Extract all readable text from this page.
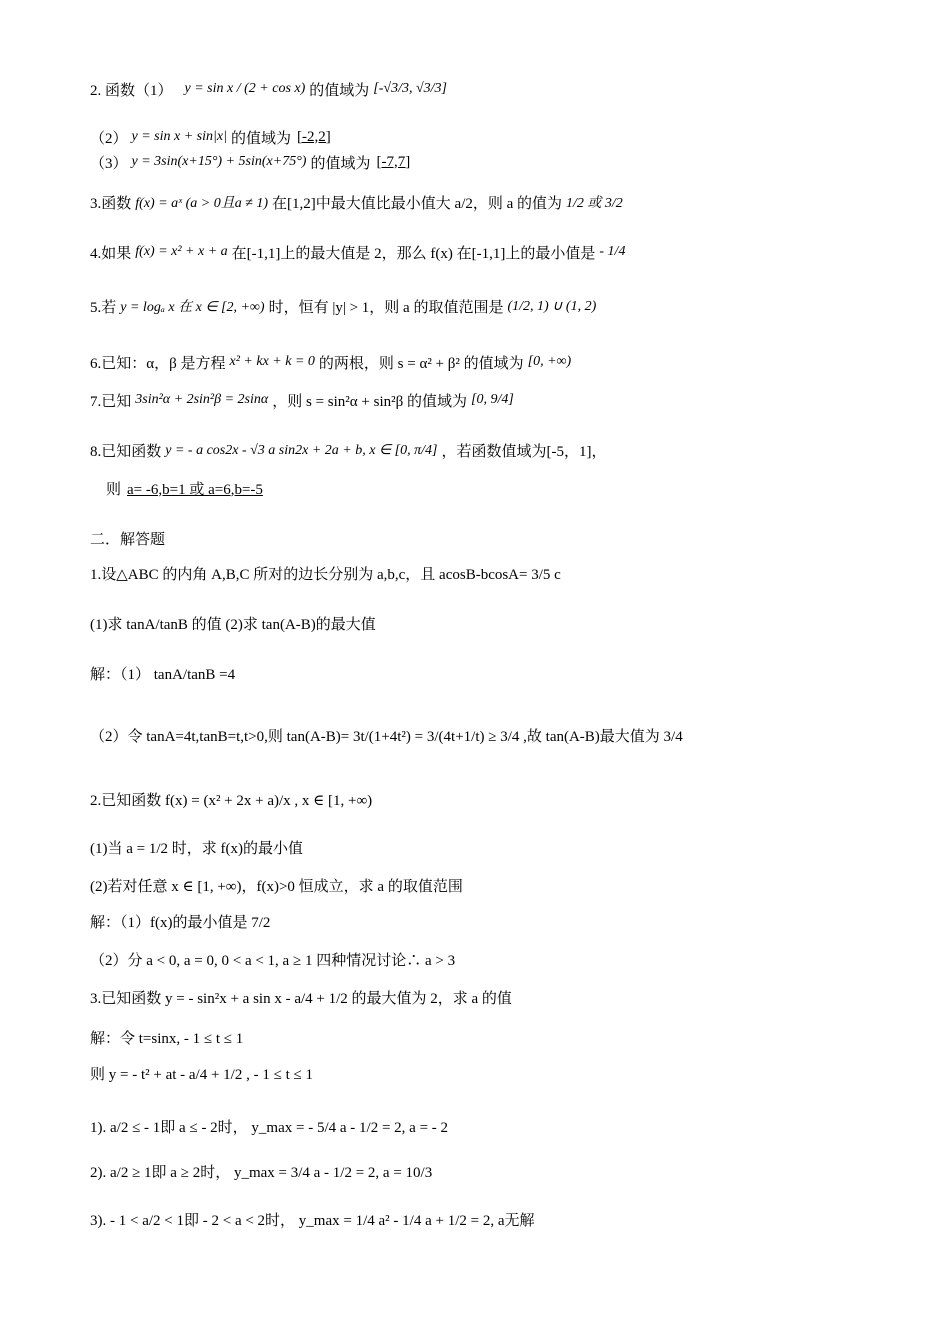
2. 函数（1） y = sin x / (2 + cos x) 的值域为 [-√3/3, √3/3]
（2） y = sin x + sin|x| 的值域为 [-2,2]
（3） y = 3sin(x+15°) + 5sin(x+75°) 的值域为 [-7,7]
3.函数 f(x) = aˣ (a > 0且a ≠ 1) 在[1,2]中最大值比最小值大 a/2，则 a 的值为 1/2 或 3/2
4.如果 f(x) = x² + x + a 在[-1,1]上的最大值是 2，那么 f(x) 在[-1,1]上的最小值是 - 1/4
5.若 y = logₐ x 在 x ∈ [2, +∞) 时，恒有 |y| > 1，则 a 的取值范围是 (1/2, 1) ∪ (1, 2)
6.已知：α，β 是方程 x² + kx + k = 0 的两根，则 s = α² + β² 的值域为 [0, +∞)
7.已知 3sin²α + 2sin²β = 2sinα ，则 s = sin²α + sin²β 的值域为 [0, 9/4]
8.已知函数 y = - a cos2x - √3 a sin2x + 2a + b, x ∈ [0, π/4] ，若函数值域为[-5，1]，
则 a= -6,b=1 或 a=6,b=-5
二．解答题
1.设△ABC 的内角 A,B,C 所对的边长分别为 a,b,c，且 acosB-bcosA= 3/5 c
(1)求 tanA/tanB 的值 (2)求 tan(A-B)的最大值
解：（1） tanA/tanB =4
（2）令 tanA=4t,tanB=t,t>0,则 tan(A-B)= 3t/(1+4t²) = 3/(4t+1/t) ≥ 3/4 ,故 tan(A-B)最大值为 3/4
2.已知函数 f(x) = (x² + 2x + a)/x , x ∈ [1, +∞)
(1)当 a = 1/2 时，求 f(x)的最小值
(2)若对任意 x ∈ [1, +∞)，f(x)>0 恒成立，求 a 的取值范围
解：（1）f(x)的最小值是 7/2
（2）分 a < 0, a = 0, 0 < a < 1, a ≥ 1 四种情况讨论∴ a > 3
3.已知函数 y = - sin²x + a sin x - a/4 + 1/2 的最大值为 2，求 a 的值
解：令 t=sinx, - 1 ≤ t ≤ 1
则 y = - t² + at - a/4 + 1/2 , - 1 ≤ t ≤ 1
1). a/2 ≤ - 1即 a ≤ - 2时， y_max = - 5/4 a - 1/2 = 2, a = - 2
2). a/2 ≥ 1即 a ≥ 2时， y_max = 3/4 a - 1/2 = 2, a = 10/3
3). - 1 < a/2 < 1即 - 2 < a < 2时， y_max = 1/4 a² - 1/4 a + 1/2 = 2, a无解
